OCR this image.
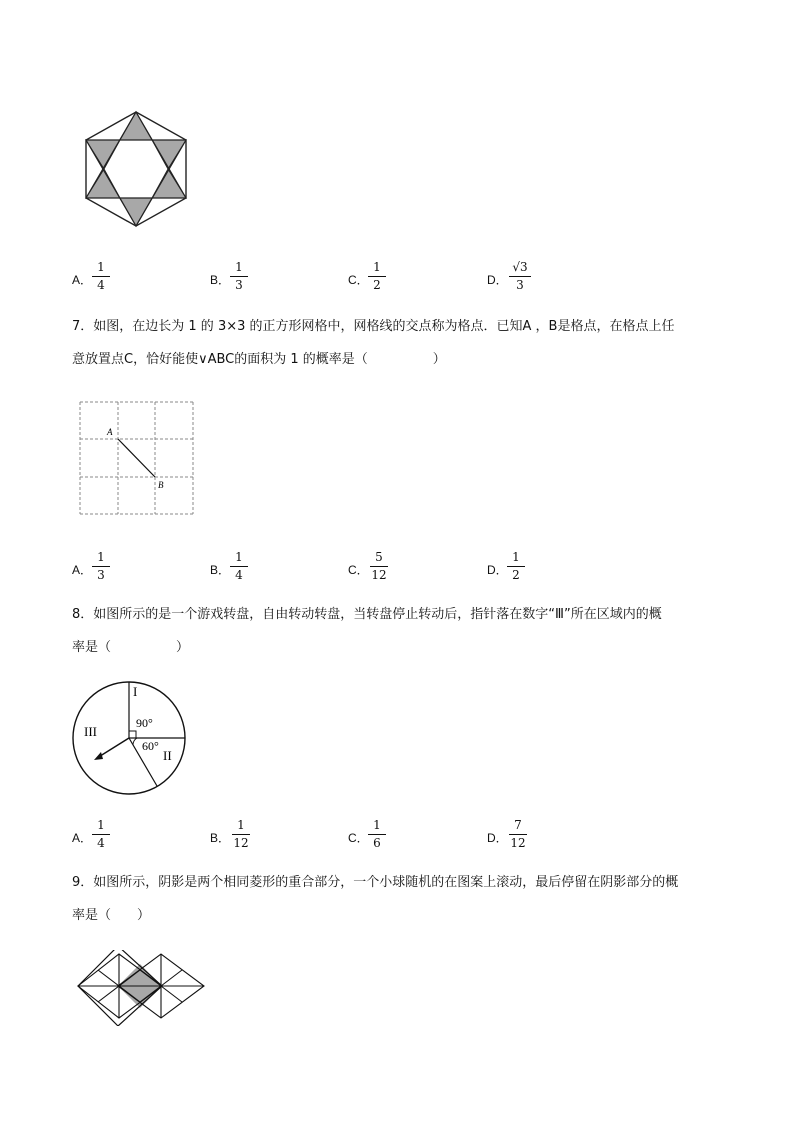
A．
1
4	B．
1
3	C．
1
2	D．
√3
3

7．如图，在边长为 1 的 3×3 的正方形网格中，网格线的交点称为格点．已知A ，B是格点，在格点上任

意放置点C，恰好能使∨ABC的面积为 1 的概率是（　　　　　）

A
B
A．
1
3	B．
1
4	C．
5
12	D．
1
2

8．如图所示的是一个游戏转盘，自由转动转盘，当转盘停止转动后，指针落在数字“Ⅲ”所在区域内的概

率是（　　　　　）

I
II
III
90°
60°
A．
1
4	B．
1
12	C．
1
6	D．
7
12

9．如图所示，阴影是两个相同菱形的重合部分，一个小球随机的在图案上滚动，最后停留在阴影部分的概

率是（　　）
